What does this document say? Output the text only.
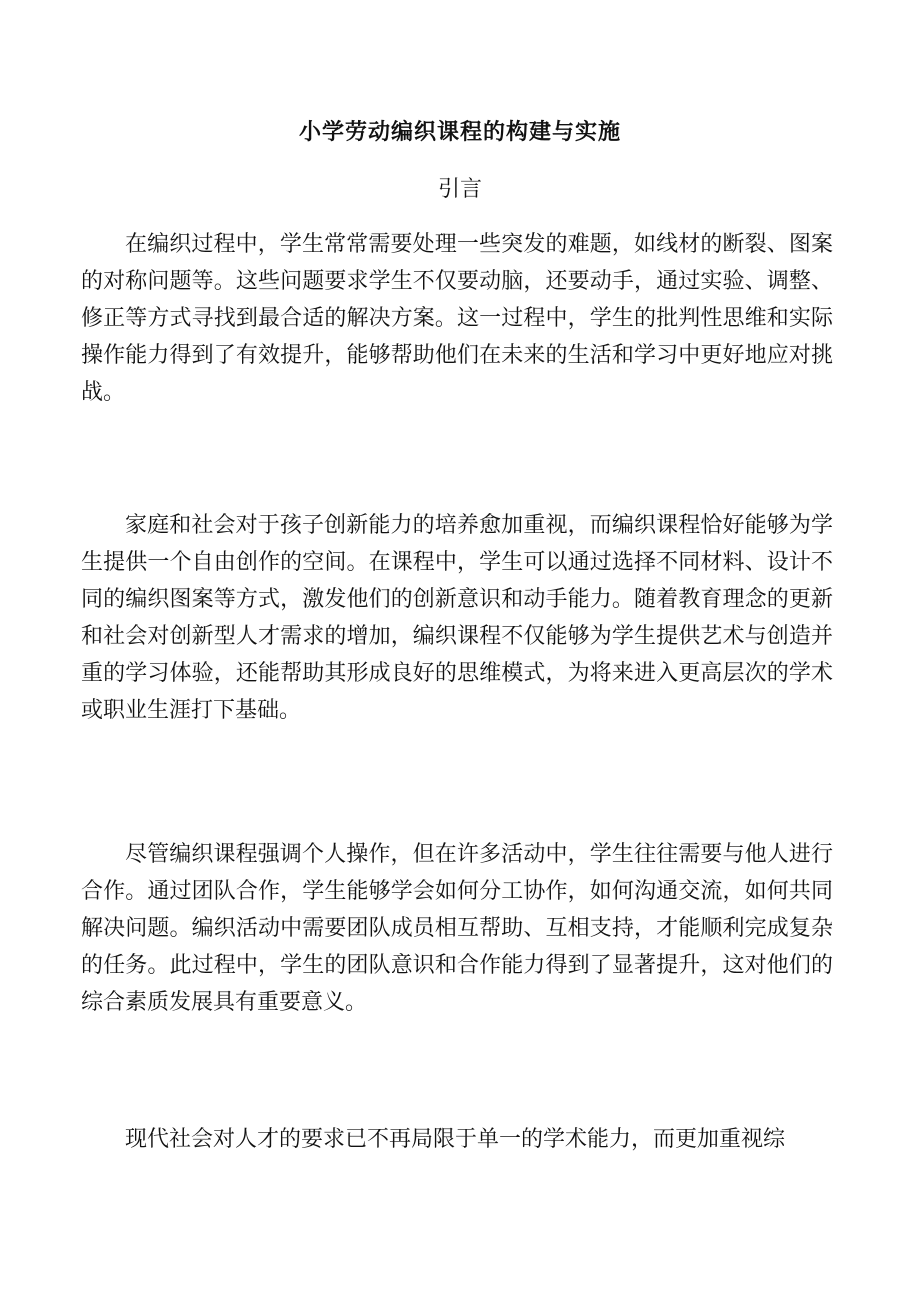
小学劳动编织课程的构建与实施
引言

在编织过程中，学生常常需要处理一些突发的难题，如线材的断裂、图案的对称问题等。这些问题要求学生不仅要动脑，还要动手，通过实验、调整、修正等方式寻找到最合适的解决方案。这一过程中，学生的批判性思维和实际操作能力得到了有效提升，能够帮助他们在未来的生活和学习中更好地应对挑战。

家庭和社会对于孩子创新能力的培养愈加重视，而编织课程恰好能够为学生提供一个自由创作的空间。在课程中，学生可以通过选择不同材料、设计不同的编织图案等方式，激发他们的创新意识和动手能力。随着教育理念的更新和社会对创新型人才需求的增加，编织课程不仅能够为学生提供艺术与创造并重的学习体验，还能帮助其形成良好的思维模式，为将来进入更高层次的学术或职业生涯打下基础。

尽管编织课程强调个人操作，但在许多活动中，学生往往需要与他人进行合作。通过团队合作，学生能够学会如何分工协作，如何沟通交流，如何共同解决问题。编织活动中需要团队成员相互帮助、互相支持，才能顺利完成复杂的任务。此过程中，学生的团队意识和合作能力得到了显著提升，这对他们的综合素质发展具有重要意义。

现代社会对人才的要求已不再局限于单一的学术能力，而更加重视综
